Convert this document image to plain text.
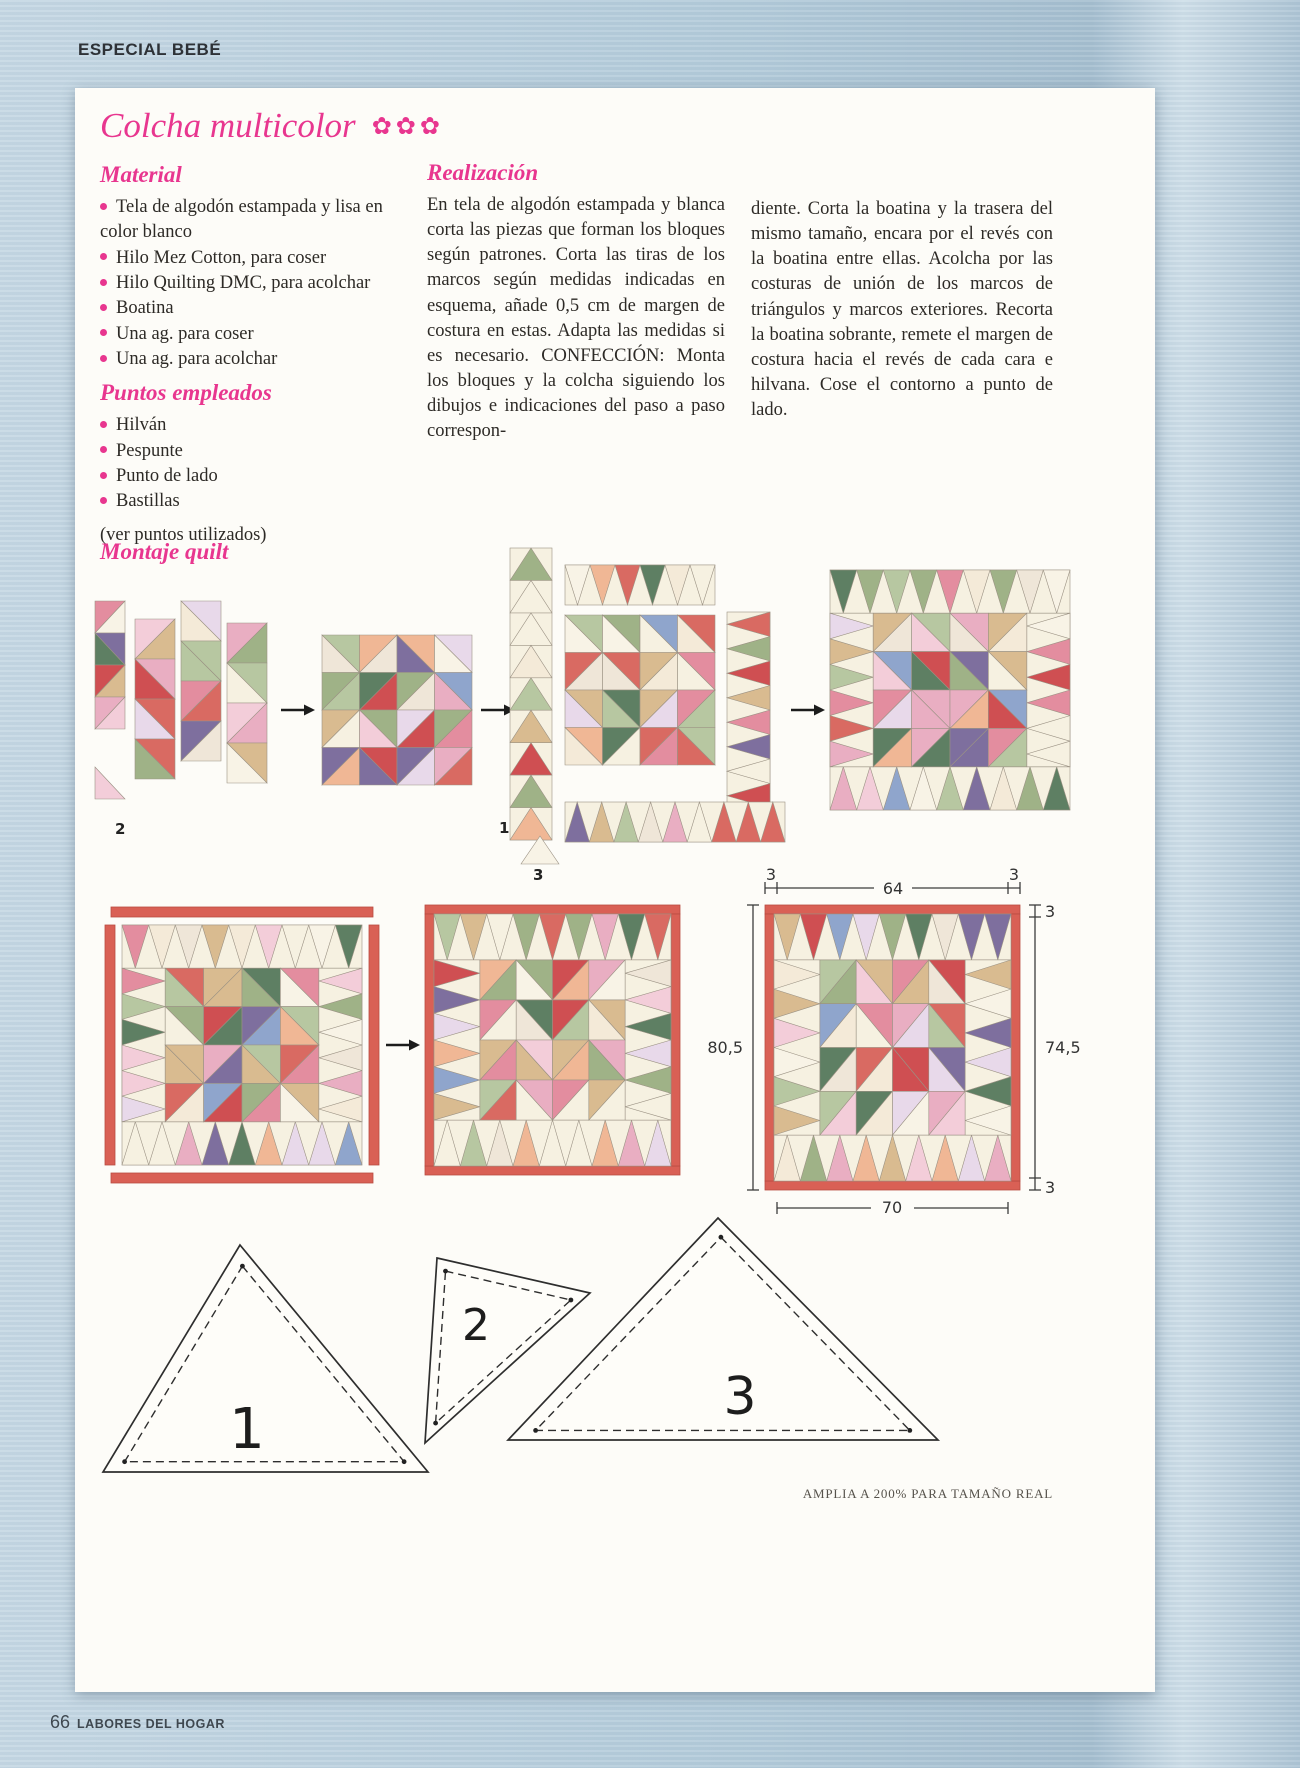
ESPECIAL BEBÉ
Colcha multicolor ✿✿✿
Material
Tela de algodón estampada y lisa en color blanco
Hilo Mez Cotton, para coser
Hilo Quilting DMC, para acolchar
Boatina
Una ag. para coser
Una ag. para acolchar
Puntos empleados
Hilván
Pespunte
Punto de lado
Bastillas
(ver puntos utilizados)
Realización

En tela de algodón estampada y blanca corta las piezas que forman los bloques según patrones. Corta las tiras de los marcos según medidas indicadas en esquema, añade 0,5 cm de margen de costura en estas. Adapta las medidas si es necesario. CONFECCIÓN: Monta los bloques y la colcha siguiendo los dibujos e indicaciones del paso a paso correspon-

diente. Corta la boatina y la trasera del mismo tamaño, encara por el revés con la boatina entre ellas. Acolcha por las costuras de unión de los marcos de triángulos y marcos exteriores. Recorta la boatina sobrante, remete el margen de costura hacia el revés de cada cara e hilvana. Cose el contorno a punto de lado.

Montaje quilt
2	1
3	3
64
3
80,5
3
74,5
3
70
1
2
3
AMPLIA A 200% PARA TAMAÑO REAL
66 LABORES DEL HOGAR
